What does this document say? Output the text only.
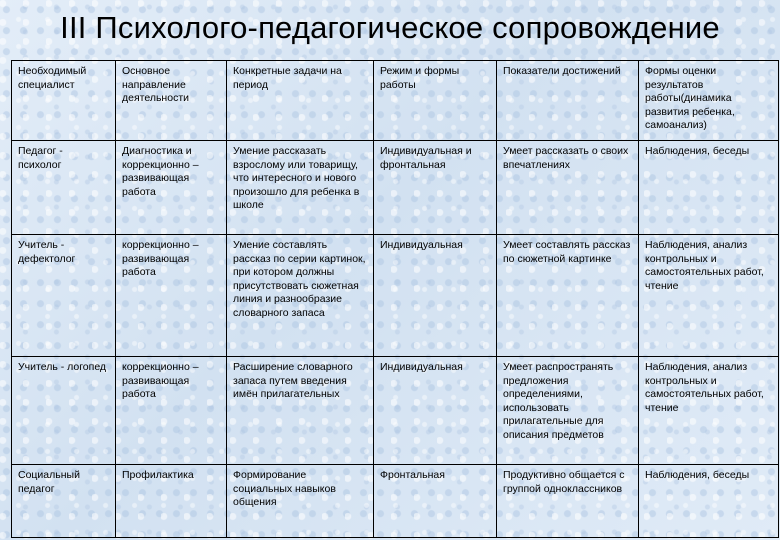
III Психолого-педагогическое сопровождение
Необходимый специалист	Основное направление деятельности	Конкретные задачи на период	Режим и формы работы	Показатели достижений	Формы оценки результатов работы(динамика развития ребенка, самоанализ)
Педагог - психолог	Диагностика и коррекционно – развивающая работа	Умение рассказать взрослому или товарищу, что интересного и нового произошло для ребенка в школе	Индивидуальная и фронтальная	Умеет рассказать о своих впечатлениях	Наблюдения, беседы
Учитель - дефектолог	коррекционно – развивающая работа	Умение составлять рассказ по серии картинок, при котором должны присутствовать сюжетная линия и разнообразие словарного запаса	Индивидуальная	Умеет составлять рассказ по сюжетной картинке	Наблюдения, анализ контрольных и самостоятельных работ, чтение
Учитель - логопед	коррекционно – развивающая работа	Расширение словарного запаса путем введения имён прилагательных	Индивидуальная	Умеет распространять предложения определениями, использовать прилагательные для описания предметов	Наблюдения, анализ контрольных и самостоятельных работ, чтение
Социальный педагог	Профилактика	Формирование социальных навыков общения	Фронтальная	Продуктивно общается с группой одноклассников	Наблюдения, беседы
